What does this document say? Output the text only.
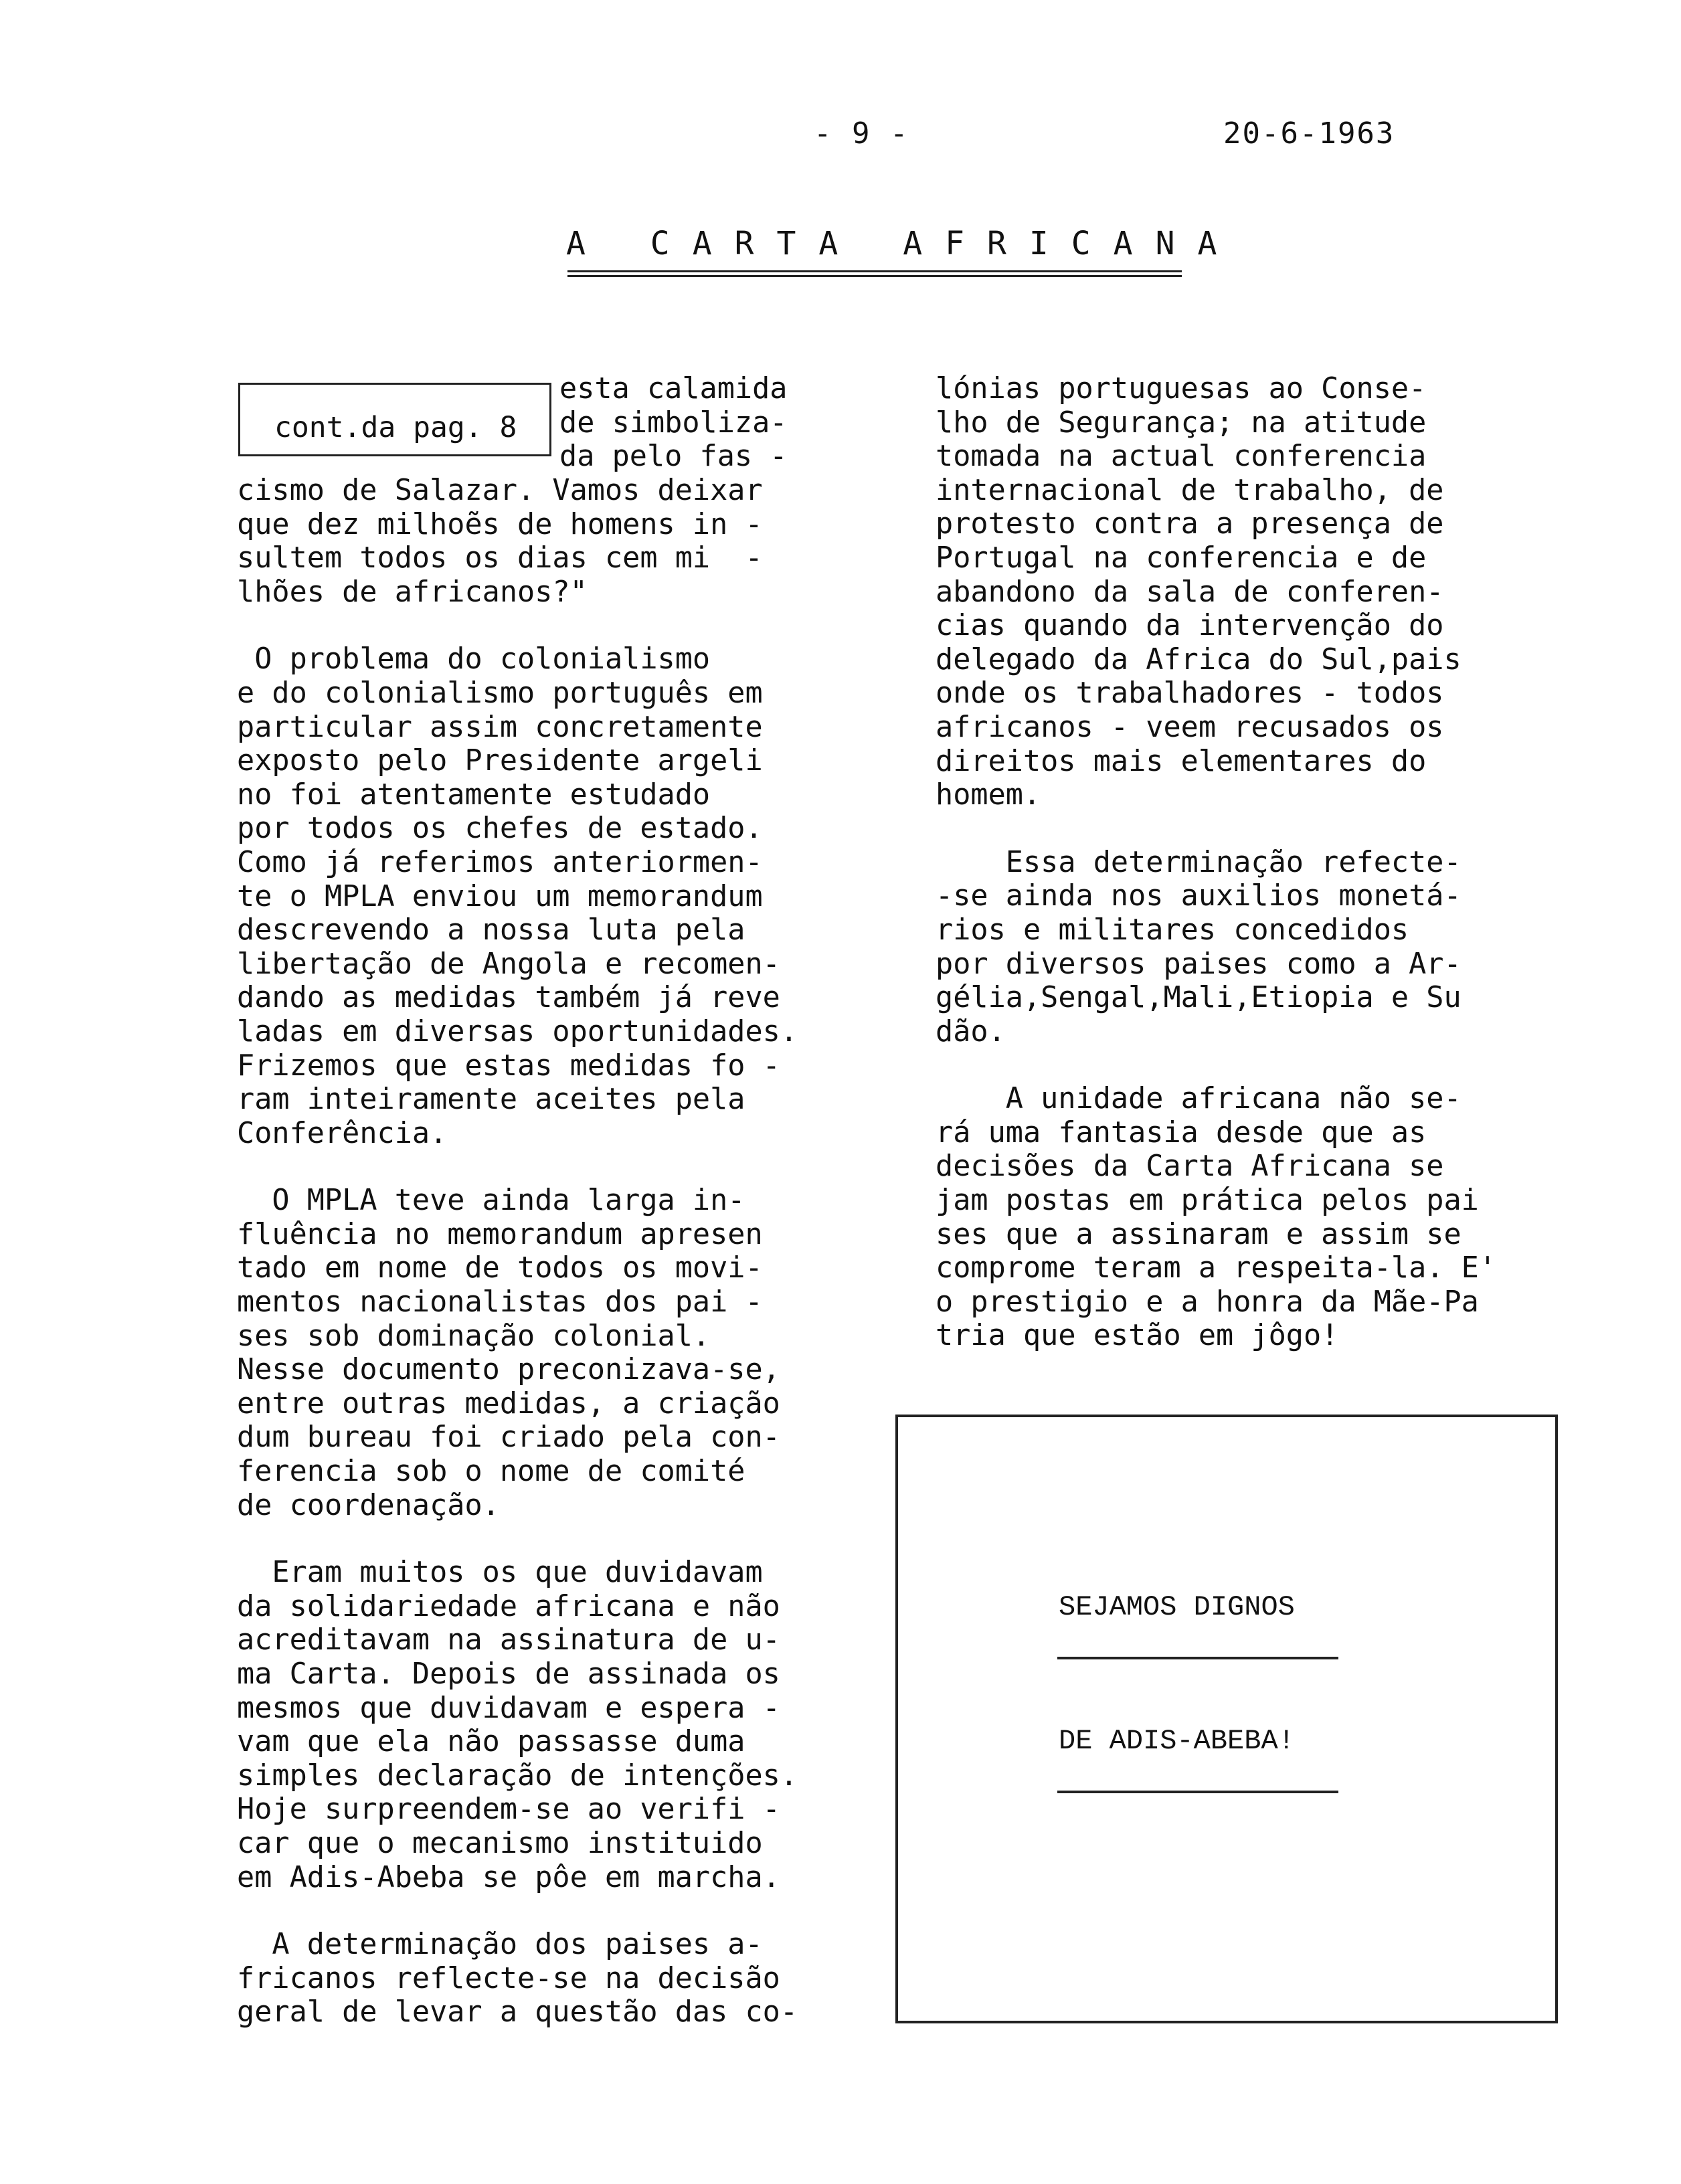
- 9 -	20-6-1963
A CARTA AFRICANA
cont.da pag. 8
esta calamida
de simboliza-
da pelo fas -

cismo de Salazar. Vamos deixar
que dez milhoẽs de homens in -
sultem todos os dias cem mi  -
lhões de africanos?"

O problema do colonialismo
e do colonialismo português em
particular assim concretamente
exposto pelo Presidente argeli
no foi atentamente estudado
por todos os chefes de estado.
Como já referimos anteriormen-
te o MPLA enviou um memorandum
descrevendo a nossa luta pela
libertação de Angola e recomen-
dando as medidas também já reve
ladas em diversas oportunidades.
Frizemos que estas medidas fo -
ram inteiramente aceites pela
Conferência.

O MPLA teve ainda larga in-
fluência no memorandum apresen
tado em nome de todos os movi-
mentos nacionalistas dos pai -
ses sob dominação colonial.
Nesse documento preconizava-se,
entre outras medidas, a criação
dum bureau foi criado pela con-
ferencia sob o nome de comité
de coordenação.

Eram muitos os que duvidavam
da solidariedade africana e não
acreditavam na assinatura de u-
ma Carta. Depois de assinada os
mesmos que duvidavam e espera -
vam que ela não passasse duma
simples declaração de intenções.
Hoje surpreendem-se ao verifi -
car que o mecanismo instituido
em Adis-Abeba se pôe em marcha.

A determinação dos paises a-
fricanos reflecte-se na decisão
geral de levar a questão das co-

lónias portuguesas ao Conse-
lho de Segurança; na atitude
tomada na actual conferencia
internacional de trabalho, de
protesto contra a presença de
Portugal na conferencia e de
abandono da sala de conferen-
cias quando da intervenção do
delegado da Africa do Sul,pais
onde os trabalhadores - todos
africanos - veem recusados os
direitos mais elementares do
homem.

Essa determinação refecte-
-se ainda nos auxilios monetá-
rios e militares concedidos
por diversos paises como a Ar-
gélia,Sengal,Mali,Etiopia e Su
dão.

A unidade africana não se-
rá uma fantasia desde que as
decisões da Carta Africana se
jam postas em prática pelos pai
ses que a assinaram e assim se
comprome teram a respeita-la. E'
o prestigio e a honra da Mãe-Pa
tria que estão em jôgo!

SEJAMOS DIGNOS
DE ADIS-ABEBA!
